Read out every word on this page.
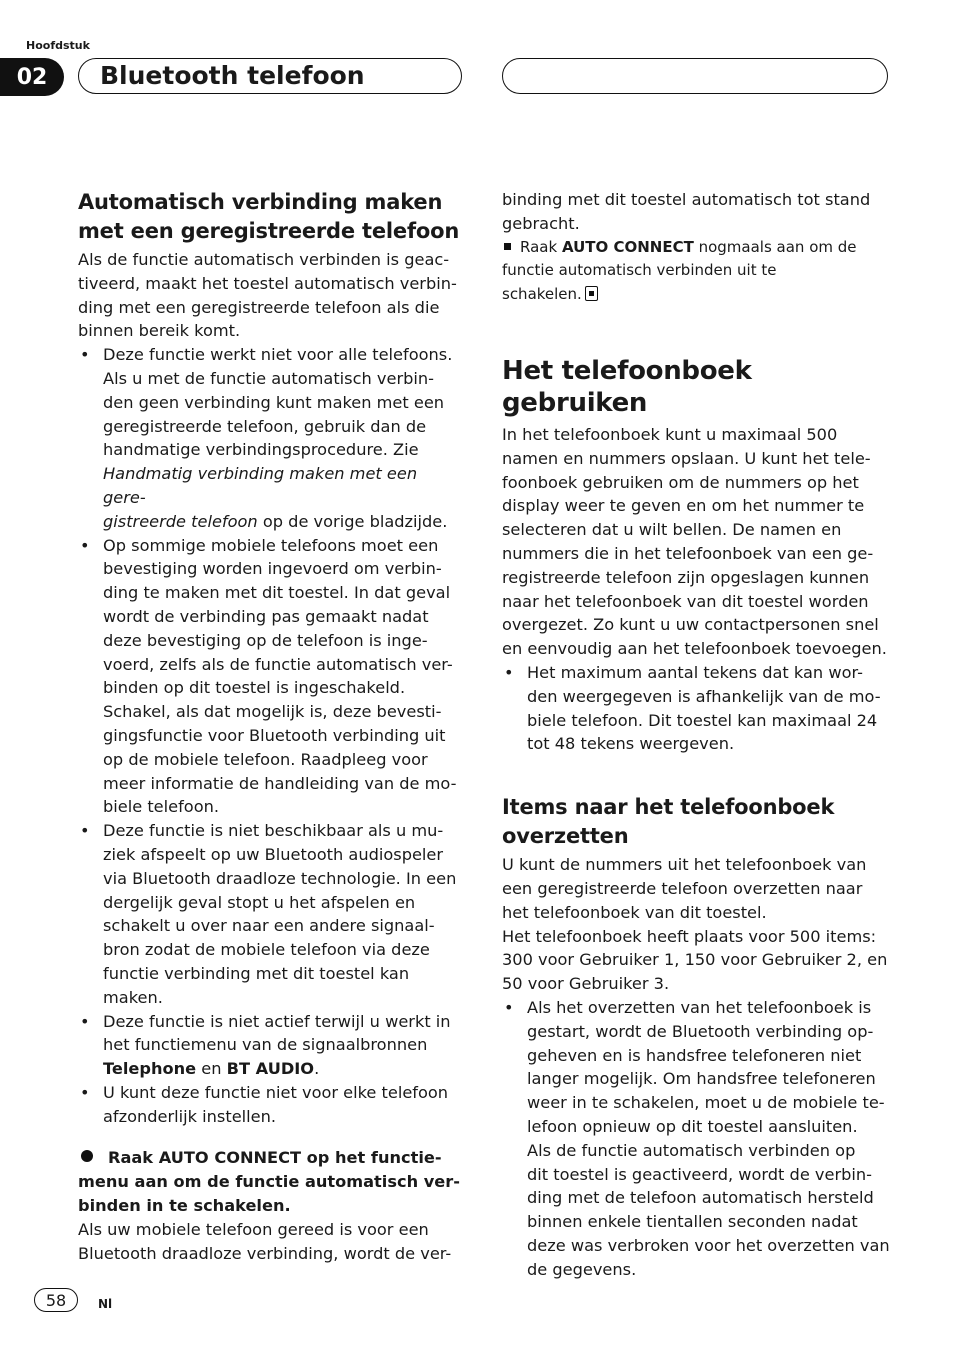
Hoofdstuk
02	Bluetooth telefoon
Automatisch verbinding maken
met een geregistreerde telefoon

Als de functie automatisch verbinden is geac-
tiveerd, maakt het toestel automatisch verbin-
ding met een geregistreerde telefoon als die
binnen bereik komt.

• Deze functie werkt niet voor alle telefoons.
Als u met de functie automatisch verbin-
den geen verbinding kunt maken met een
geregistreerde telefoon, gebruik dan de
handmatige verbindingsprocedure. Zie
Handmatig verbinding maken met een gere-
gistreerde telefoon op de vorige bladzijde.
• Op sommige mobiele telefoons moet een
bevestiging worden ingevoerd om verbin-
ding te maken met dit toestel. In dat geval
wordt de verbinding pas gemaakt nadat
deze bevestiging op de telefoon is inge-
voerd, zelfs als de functie automatisch ver-
binden op dit toestel is ingeschakeld.
Schakel, als dat mogelijk is, deze bevesti-
gingsfunctie voor Bluetooth verbinding uit
op de mobiele telefoon. Raadpleeg voor
meer informatie de handleiding van de mo-
biele telefoon.
• Deze functie is niet beschikbaar als u mu-
ziek afspeelt op uw Bluetooth audiospeler
via Bluetooth draadloze technologie. In een
dergelijk geval stopt u het afspelen en
schakelt u over naar een andere signaal-
bron zodat de mobiele telefoon via deze
functie verbinding met dit toestel kan
maken.
• Deze functie is niet actief terwijl u werkt in
het functiemenu van de signaalbronnen
Telephone en BT AUDIO.
• U kunt deze functie niet voor elke telefoon
afzonderlijk instellen.

Raak AUTO CONNECT op het functie-
menu aan om de functie automatisch ver-
binden in te schakelen.

Als uw mobiele telefoon gereed is voor een
Bluetooth draadloze verbinding, wordt de ver-

binding met dit toestel automatisch tot stand
gebracht.

Raak AUTO CONNECT nogmaals aan om de
functie automatisch verbinden uit te
schakelen.

Het telefoonboek gebruiken

In het telefoonboek kunt u maximaal 500
namen en nummers opslaan. U kunt het tele-
foonboek gebruiken om de nummers op het
display weer te geven en om het nummer te
selecteren dat u wilt bellen. De namen en
nummers die in het telefoonboek van een ge-
registreerde telefoon zijn opgeslagen kunnen
naar het telefoonboek van dit toestel worden
overgezet. Zo kunt u uw contactpersonen snel
en eenvoudig aan het telefoonboek toevoegen.

• Het maximum aantal tekens dat kan wor-
den weergegeven is afhankelijk van de mo-
biele telefoon. Dit toestel kan maximaal 24
tot 48 tekens weergeven.
Items naar het telefoonboek
overzetten

U kunt de nummers uit het telefoonboek van
een geregistreerde telefoon overzetten naar
het telefoonboek van dit toestel.
Het telefoonboek heeft plaats voor 500 items:
300 voor Gebruiker 1, 150 voor Gebruiker 2, en
50 voor Gebruiker 3.

• Als het overzetten van het telefoonboek is
gestart, wordt de Bluetooth verbinding op-
geheven en is handsfree telefoneren niet
langer mogelijk. Om handsfree telefoneren
weer in te schakelen, moet u de mobiele te-
lefoon opnieuw op dit toestel aansluiten.
Als de functie automatisch verbinden op
dit toestel is geactiveerd, wordt de verbin-
ding met de telefoon automatisch hersteld
binnen enkele tientallen seconden nadat
deze was verbroken voor het overzetten van
de gegevens.
58	Nl
